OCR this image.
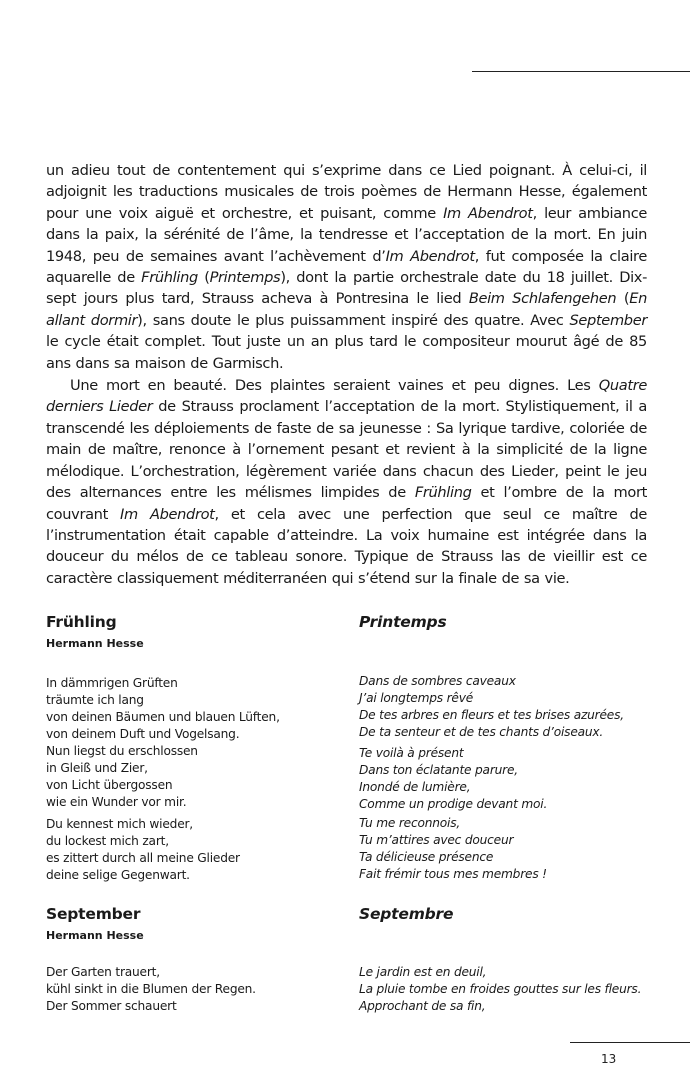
un adieu tout de contentement qui s’exprime dans ce Lied poignant. À celui-ci, il adjoignit les traductions musicales de trois poèmes de Hermann Hesse, également pour une voix aiguë et orchestre, et puisant, comme Im Abendrot, leur ambiance dans la paix, la sérénité de l’âme, la tendresse et l’acceptation de la mort. En juin 1948, peu de semaines avant l’achèvement d’Im Abendrot, fut composée la claire aquarelle de Frühling (Printemps), dont la partie orchestrale date du 18 juillet. Dix-sept jours plus tard, Strauss acheva à Pontresina le lied Beim Schlafengehen (En allant dormir), sans doute le plus puissamment inspiré des quatre. Avec September le cycle était complet. Tout juste un an plus tard le compositeur mourut âgé de 85 ans dans sa maison de Garmisch.

Une mort en beauté. Des plaintes seraient vaines et peu dignes. Les Quatre derniers Lieder de Strauss proclament l’acceptation de la mort. Stylistiquement, il a transcendé les déploiements de faste de sa jeunesse : Sa lyrique tardive, coloriée de main de maître, renonce à l’ornement pesant et revient à la simplicité de la ligne mélodique. L’orchestration, légèrement variée dans chacun des Lieder, peint le jeu des alternances entre les mélismes limpides de Frühling et l’ombre de la mort couvrant Im Abendrot, et cela avec une perfection que seul ce maître de l’instrumentation était capable d’atteindre. La voix humaine est intégrée dans la douceur du mélos de ce tableau sonore. Typique de Strauss las de vieillir est ce caractère classiquement méditerranéen qui s’étend sur la finale de sa vie.

Frühling
Hermann Hesse
Printemps
In dämmrigen Grüften
träumte ich lang
von deinen Bäumen und blauen Lüften,
von deinem Duft und Vogelsang.
Nun liegst du erschlossen
in Gleiß und Zier,
von Licht übergossen
wie ein Wunder vor mir.
Du kennest mich wieder,
du lockest mich zart,
es zittert durch all meine Glieder
deine selige Gegenwart.
Dans de sombres caveaux
J’ai longtemps rêvé
De tes arbres en fleurs et tes brises azurées,
De ta senteur et de tes chants d’oiseaux.
Te voilà à présent
Dans ton éclatante parure,
Inondé de lumière,
Comme un prodige devant moi.
Tu me reconnois,
Tu m’attires avec douceur
Ta délicieuse présence
Fait frémir tous mes membres !
September
Hermann Hesse
Septembre
Der Garten trauert,
kühl sinkt in die Blumen der Regen.
Der Sommer schauert
Le jardin est en deuil,
La pluie tombe en froides gouttes sur les fleurs.
Approchant de sa fin,
13
